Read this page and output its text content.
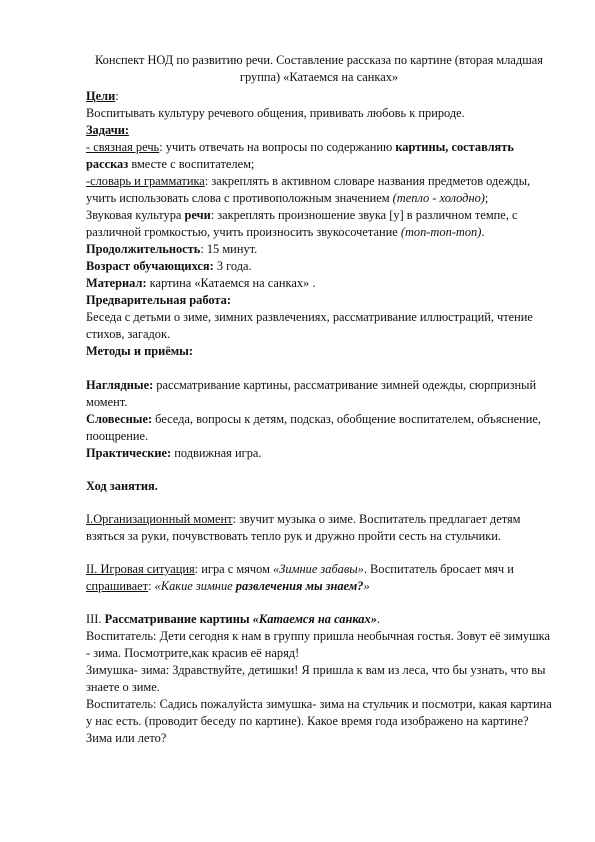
Конспект НОД по развитию речи. Составление рассказа по картине (вторая младшая группа) «Катаемся на санках»

Цели:

Воспитывать культуру речевого общения, прививать любовь к природе.

Задачи:

- связная речь: учить отвечать на вопросы по содержанию картины, составлять рассказ вместе с воспитателем;

-словарь и грамматика: закреплять в активном словаре названия предметов одежды, учить использовать слова с противоположным значением (тепло - холодно);

Звуковая культура речи: закреплять произношение звука [у] в различном темпе, с различной громкостью, учить произносить звукосочетание (топ-топ-топ).

Продолжительность: 15 минут.

Возраст обучающихся: 3 года.

Материал: картина «Катаемся на санках» .

Предварительная работа:

Беседа с детьми о зиме, зимних развлечениях, рассматривание иллюстраций, чтение стихов, загадок.

Методы и приёмы:

Наглядные: рассматривание картины, рассматривание зимней одежды, сюрпризный момент.

Словесные: беседа, вопросы к детям, подсказ, обобщение воспитателем, объяснение, поощрение.

Практические: подвижная игра.

Ход занятия.

I.Организационный момент: звучит музыка о зиме. Воспитатель предлагает детям взяться за руки, почувствовать тепло рук и дружно пройти сесть на стульчики.

II. Игровая ситуация: игра с мячом «Зимние забавы». Воспитатель бросает мяч и спрашивает: «Какие зимние развлечения мы знаем?»

III. Рассматривание картины «Катаемся на санках».

Воспитатель: Дети сегодня к нам в группу пришла необычная гостья. Зовут её зимушка - зима. Посмотрите,как красив её наряд!

Зимушка- зима: Здравствуйте, детишки! Я пришла к вам из леса, что бы узнать, что вы знаете о зиме.

Воспитатель: Садись пожалуйста зимушка- зима на стульчик и посмотри, какая картина у нас есть. (проводит беседу по картине). Какое время года изображено на картине? Зима или лето?
